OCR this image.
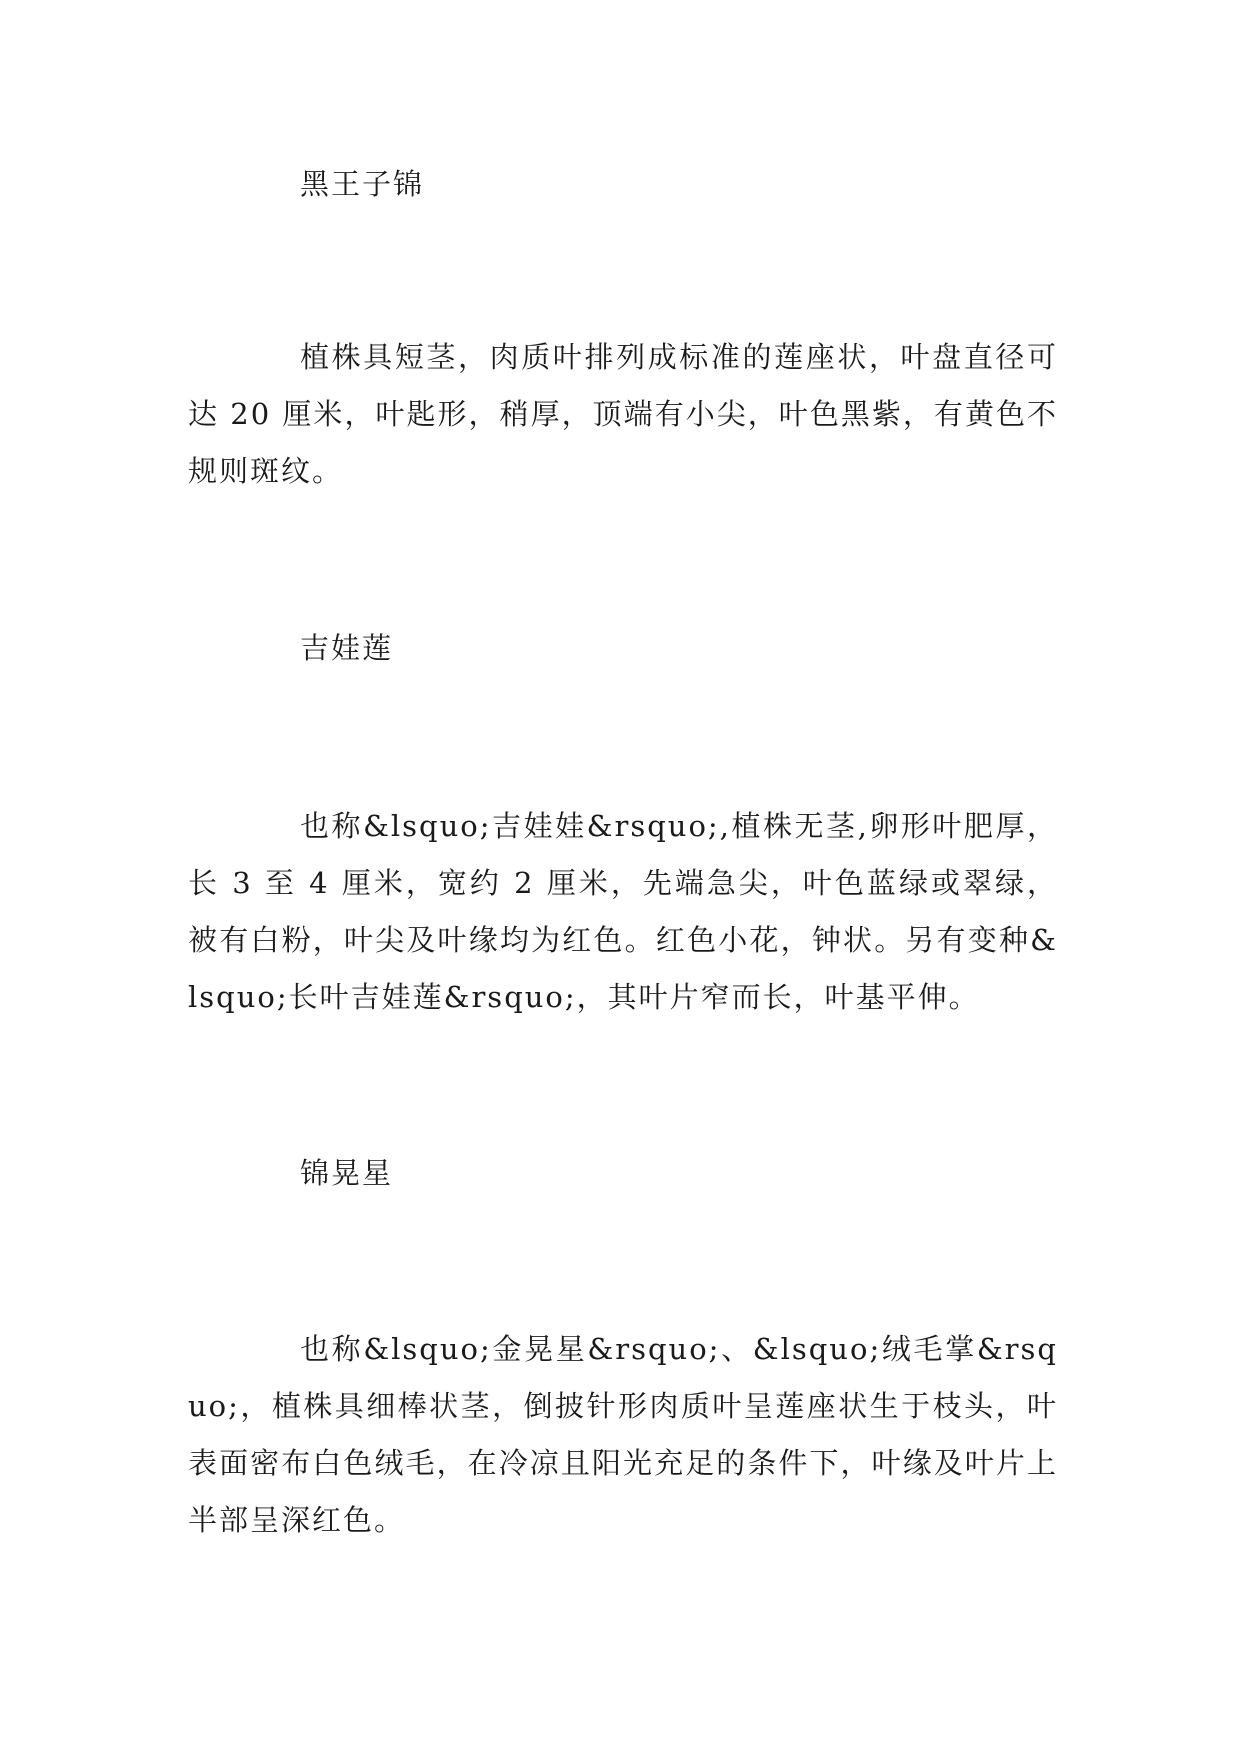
黑王子锦
植株具短茎，肉质叶排列成标准的莲座状，叶盘直径可达 20 厘米，叶匙形，稍厚，顶端有小尖，叶色黑紫，有黄色不规则斑纹。
吉娃莲
也称&lsquo;吉娃娃&rsquo;,植株无茎,卵形叶肥厚，长 3 至 4 厘米，宽约 2 厘米，先端急尖，叶色蓝绿或翠绿，被有白粉，叶尖及叶缘均为红色。红色小花，钟状。另有变种&lsquo;长叶吉娃莲&rsquo;，其叶片窄而长，叶基平伸。
锦晃星
也称&lsquo;金晃星&rsquo;、&lsquo;绒毛掌&rsquo;，植株具细棒状茎，倒披针形肉质叶呈莲座状生于枝头，叶表面密布白色绒毛，在冷凉且阳光充足的条件下，叶缘及叶片上半部呈深红色。
